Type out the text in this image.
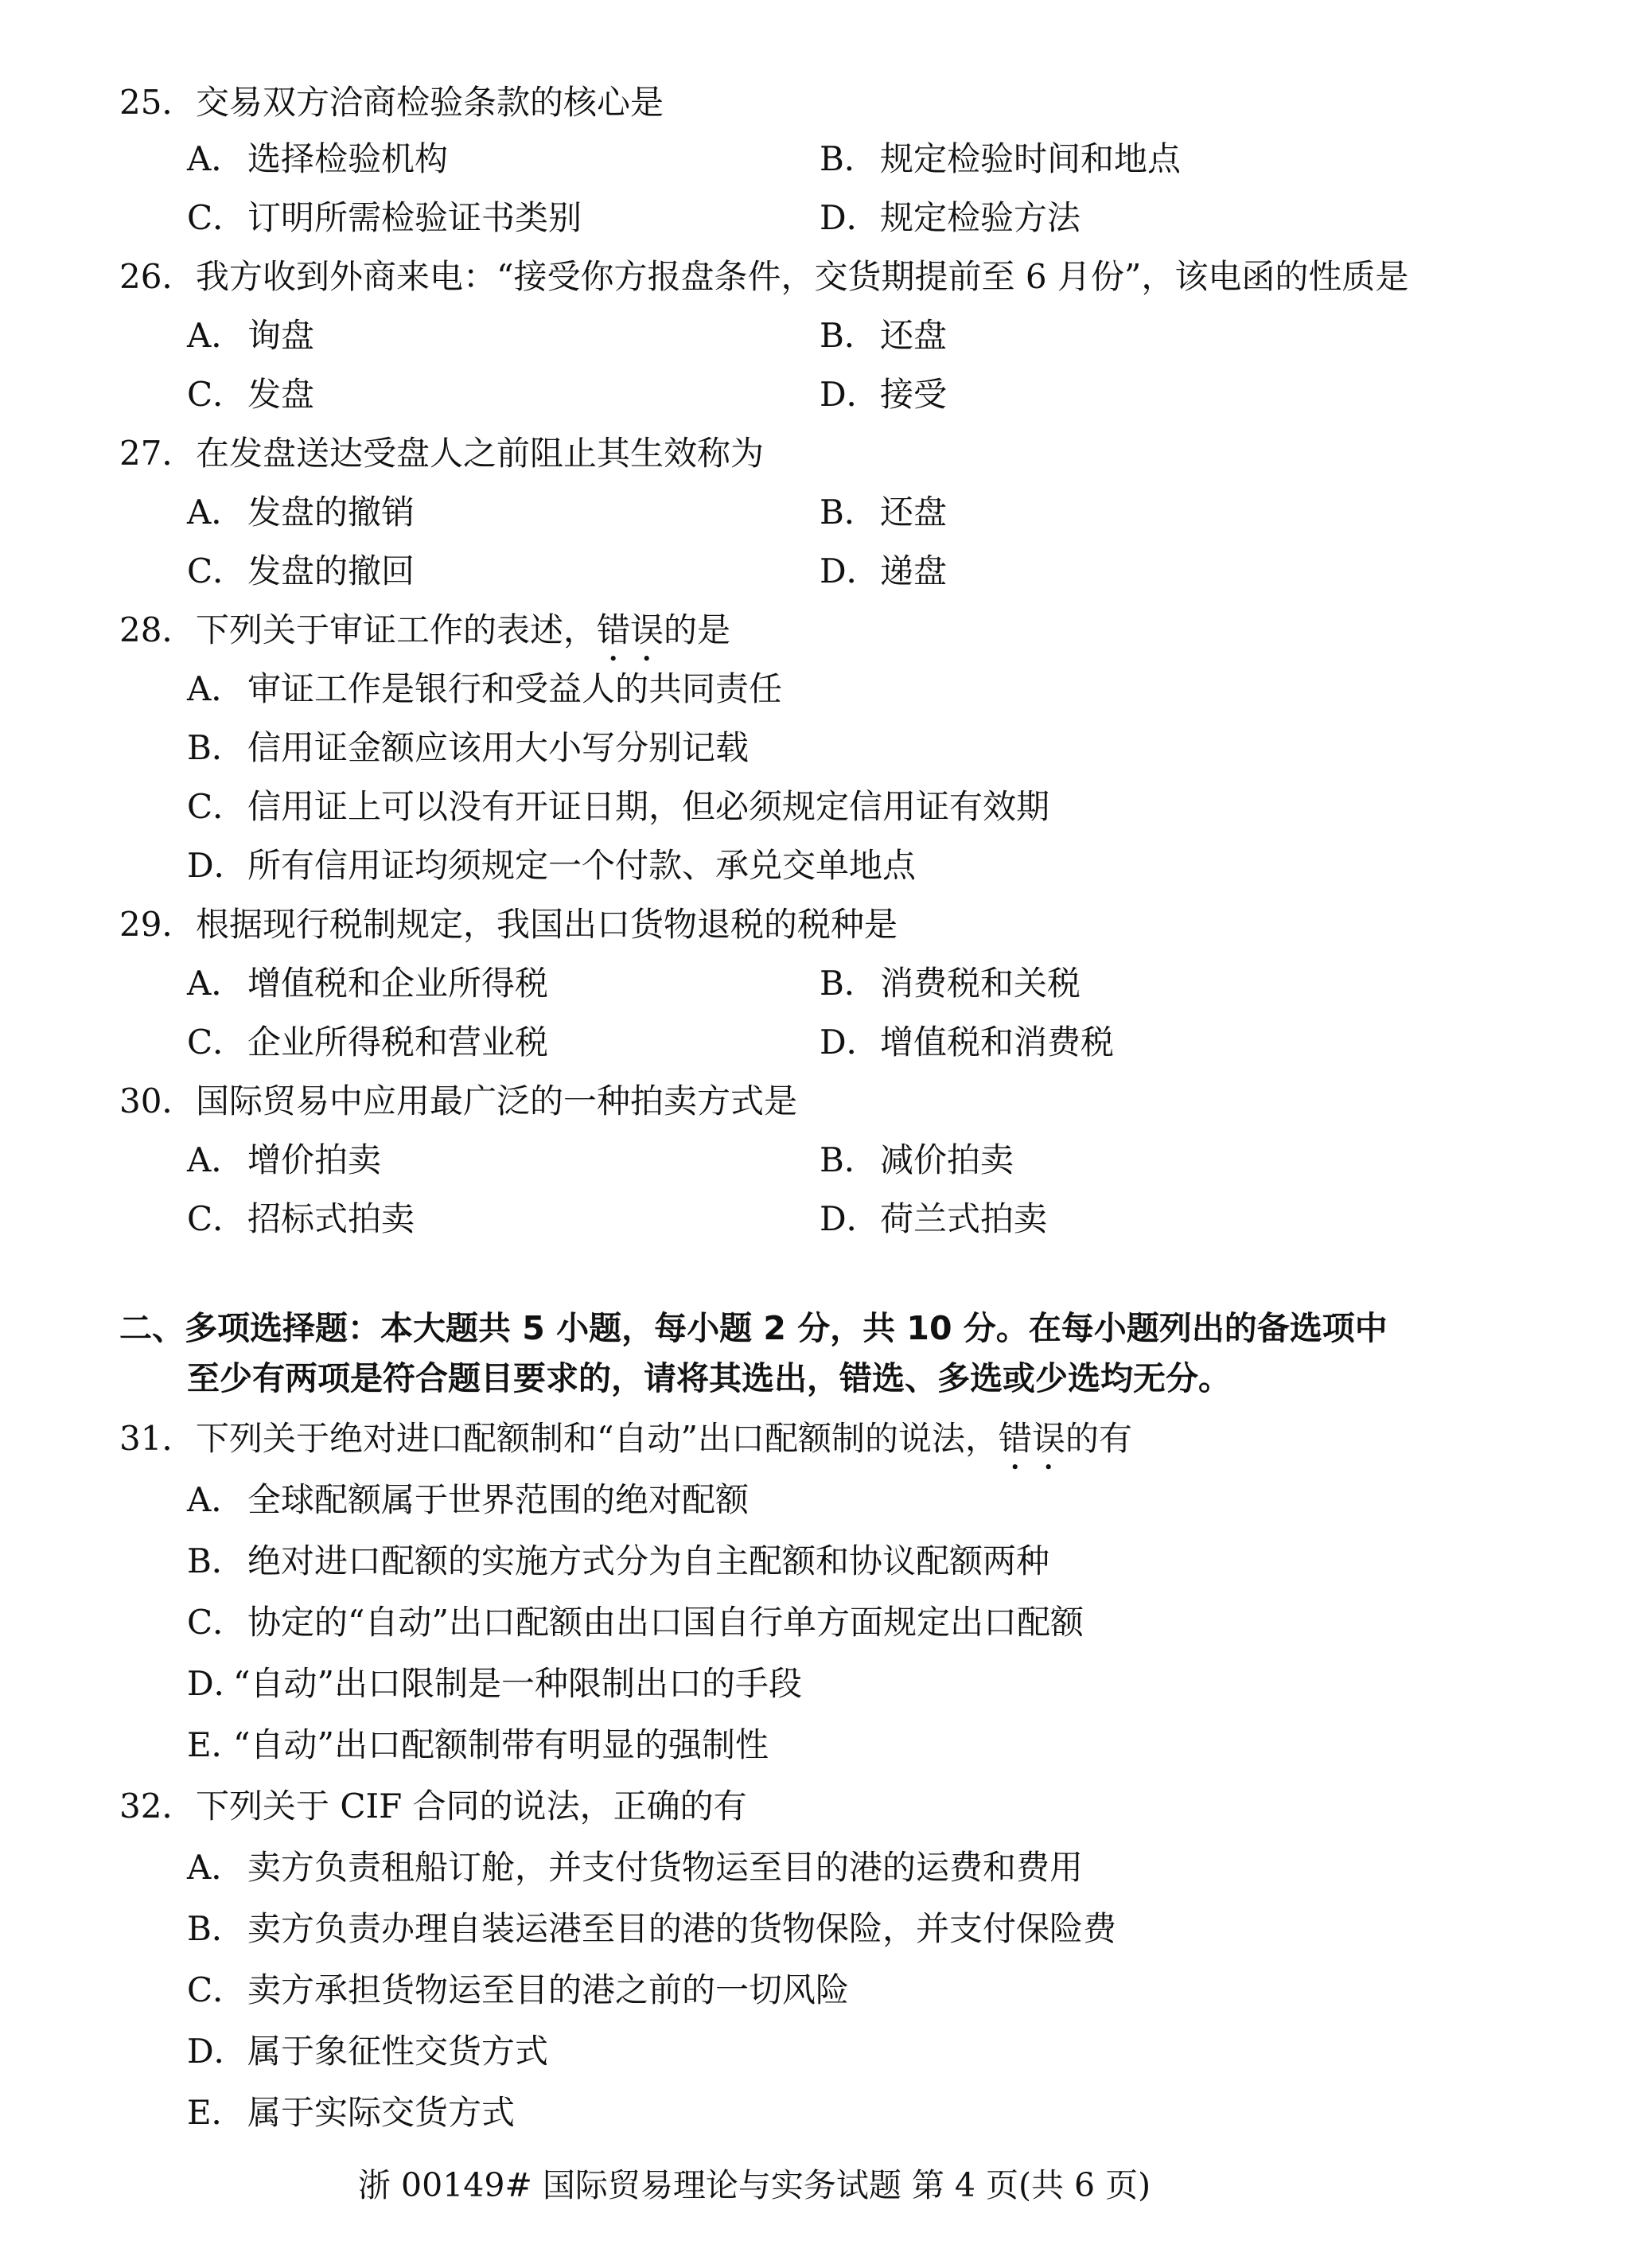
25．交易双方洽商检验条款的核心是
A．选择检验机构	B．规定检验时间和地点
C．订明所需检验证书类别	D．规定检验方法
26．我方收到外商来电：“接受你方报盘条件，交货期提前至 6 月份”，该电函的性质是
A．询盘	B．还盘
C．发盘	D．接受
27．在发盘送达受盘人之前阻止其生效称为
A．发盘的撤销	B．还盘
C．发盘的撤回	D．递盘
28．下列关于审证工作的表述，错误的是
A．审证工作是银行和受益人的共同责任
B．信用证金额应该用大小写分别记载
C．信用证上可以没有开证日期，但必须规定信用证有效期
D．所有信用证均须规定一个付款、承兑交单地点
29．根据现行税制规定，我国出口货物退税的税种是
A．增值税和企业所得税	B．消费税和关税
C．企业所得税和营业税	D．增值税和消费税
30．国际贸易中应用最广泛的一种拍卖方式是
A．增价拍卖	B．减价拍卖
C．招标式拍卖	D．荷兰式拍卖
二、多项选择题：本大题共 5 小题，每小题 2 分，共 10 分。在每小题列出的备选项中
至少有两项是符合题目要求的，请将其选出，错选、多选或少选均无分。
31．下列关于绝对进口配额制和“自动”出口配额制的说法，错误的有
A．全球配额属于世界范围的绝对配额
B．绝对进口配额的实施方式分为自主配额和协议配额两种
C．协定的“自动”出口配额由出口国自行单方面规定出口配额
D．“自动”出口限制是一种限制出口的手段
E．“自动”出口配额制带有明显的强制性
32．下列关于 CIF 合同的说法，正确的有
A．卖方负责租船订舱，并支付货物运至目的港的运费和费用
B．卖方负责办理自装运港至目的港的货物保险，并支付保险费
C．卖方承担货物运至目的港之前的一切风险
D．属于象征性交货方式
E．属于实际交货方式
浙 00149# 国际贸易理论与实务试题 第 4 页(共 6 页)
